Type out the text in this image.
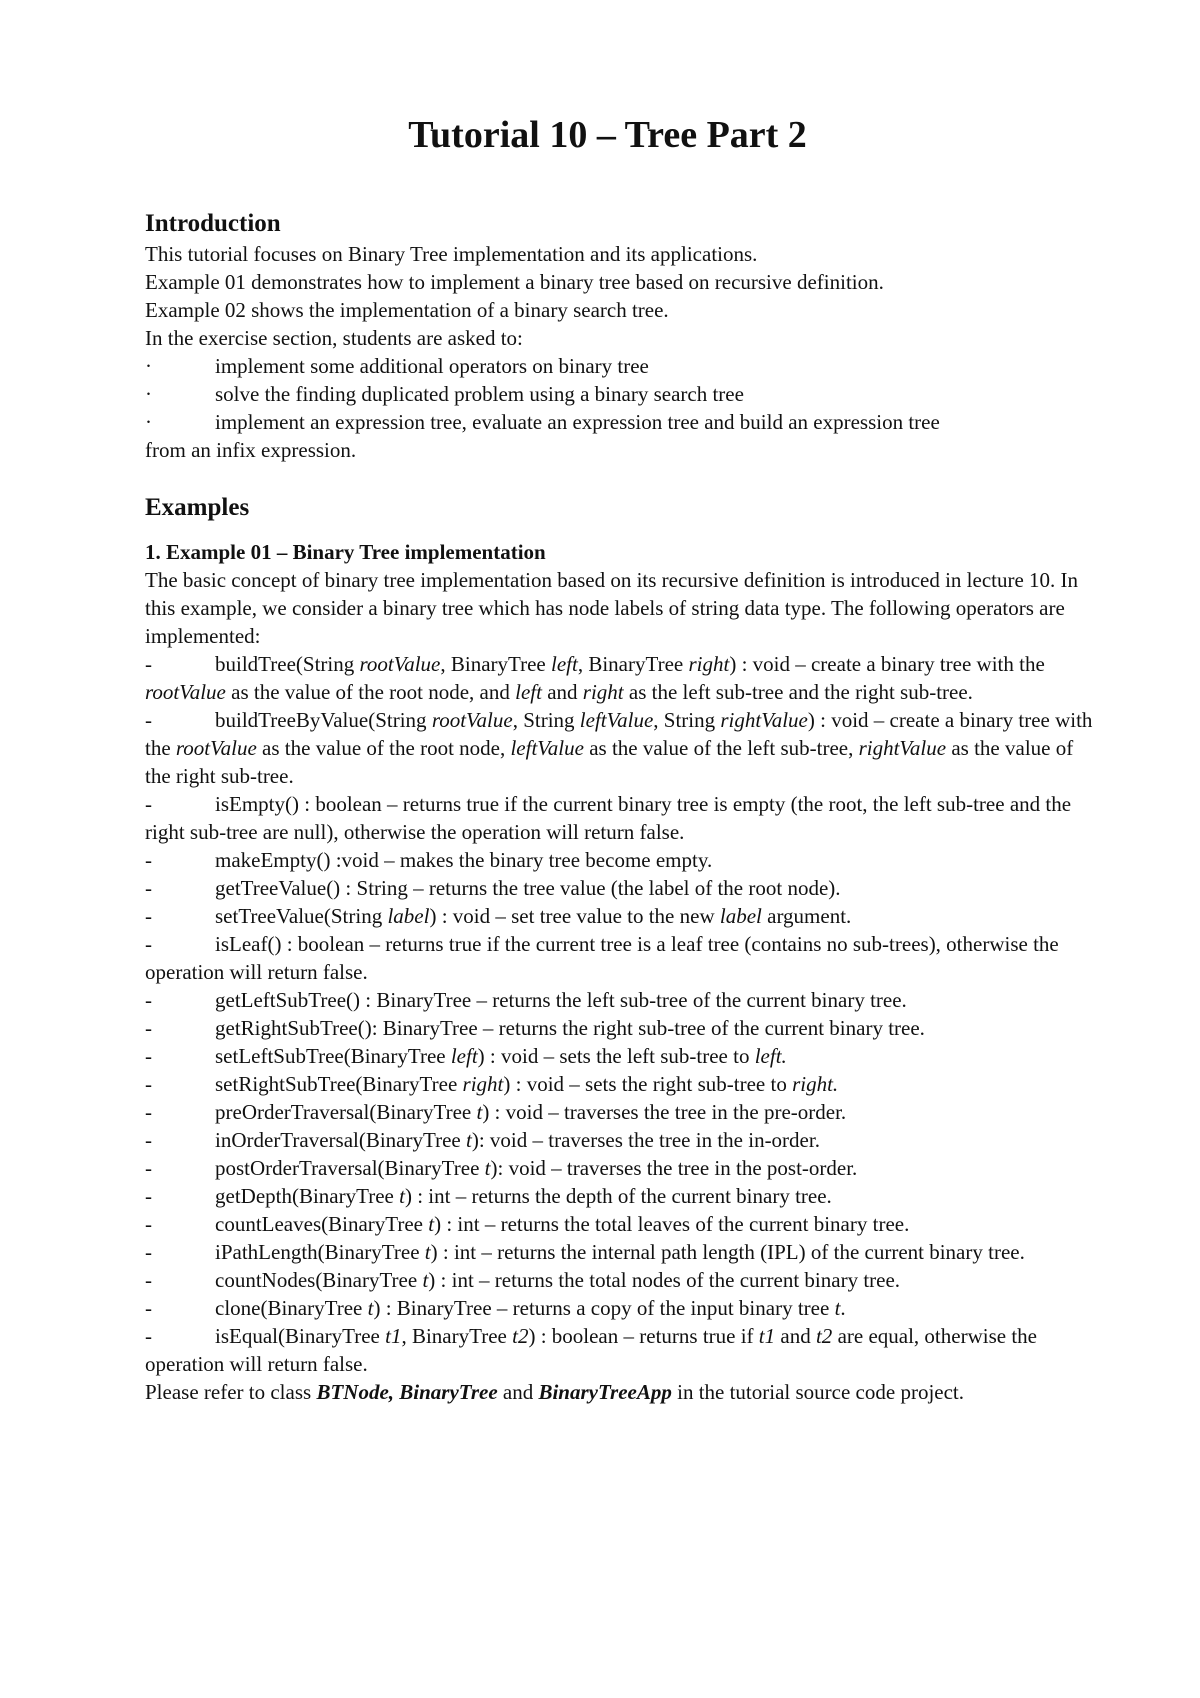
Tutorial 10 – Tree Part 2
Introduction
This tutorial focuses on Binary Tree implementation and its applications.
Example 01 demonstrates how to implement a binary tree based on recursive definition.
Example 02 shows the implementation of a binary search tree.
In the exercise section, students are asked to:
·	implement some additional operators on binary tree
·	solve the finding duplicated problem using a binary search tree
·	implement an expression tree, evaluate an expression tree and build an expression tree
from an infix expression.
Examples
1. Example 01 – Binary Tree implementation
The basic concept of binary tree implementation based on its recursive definition is introduced in lecture 10. In this example, we consider a binary tree which has node labels of string data type. The following operators are implemented:
-	buildTree(String rootValue, BinaryTree left, BinaryTree right) : void – create a binary tree with the rootValue as the value of the root node, and left and right as the left sub-tree and the right sub-tree.
-	buildTreeByValue(String rootValue, String leftValue, String rightValue) : void – create a binary tree with the rootValue as the value of the root node, leftValue as the value of the left sub-tree, rightValue as the value of the right sub-tree.
-	isEmpty() : boolean – returns true if the current binary tree is empty (the root, the left sub-tree and the right sub-tree are null), otherwise the operation will return false.
-	makeEmpty() :void – makes the binary tree become empty.
-	getTreeValue() : String – returns the tree value (the label of the root node).
-	setTreeValue(String label) : void – set tree value to the new label argument.
-	isLeaf() : boolean – returns true if the current tree is a leaf tree (contains no sub-trees), otherwise the operation will return false.
-	getLeftSubTree() : BinaryTree – returns the left sub-tree of the current binary tree.
-	getRightSubTree(): BinaryTree – returns the right sub-tree of the current binary tree.
-	setLeftSubTree(BinaryTree left) : void – sets the left sub-tree to left.
-	setRightSubTree(BinaryTree right) : void – sets the right sub-tree to right.
-	preOrderTraversal(BinaryTree t) : void – traverses the tree in the pre-order.
-	inOrderTraversal(BinaryTree t): void – traverses the tree in the in-order.
-	postOrderTraversal(BinaryTree t): void – traverses the tree in the post-order.
-	getDepth(BinaryTree t) : int – returns the depth of the current binary tree.
-	countLeaves(BinaryTree t) : int – returns the total leaves of the current binary tree.
-	iPathLength(BinaryTree t) : int – returns the internal path length (IPL) of the current binary tree.
-	countNodes(BinaryTree t) : int – returns the total nodes of the current binary tree.
-	clone(BinaryTree t) : BinaryTree – returns a copy of the input binary tree t.
-	isEqual(BinaryTree t1, BinaryTree t2) : boolean – returns true if t1 and t2 are equal, otherwise the operation will return false.
Please refer to class BTNode, BinaryTree and BinaryTreeApp in the tutorial source code project.
